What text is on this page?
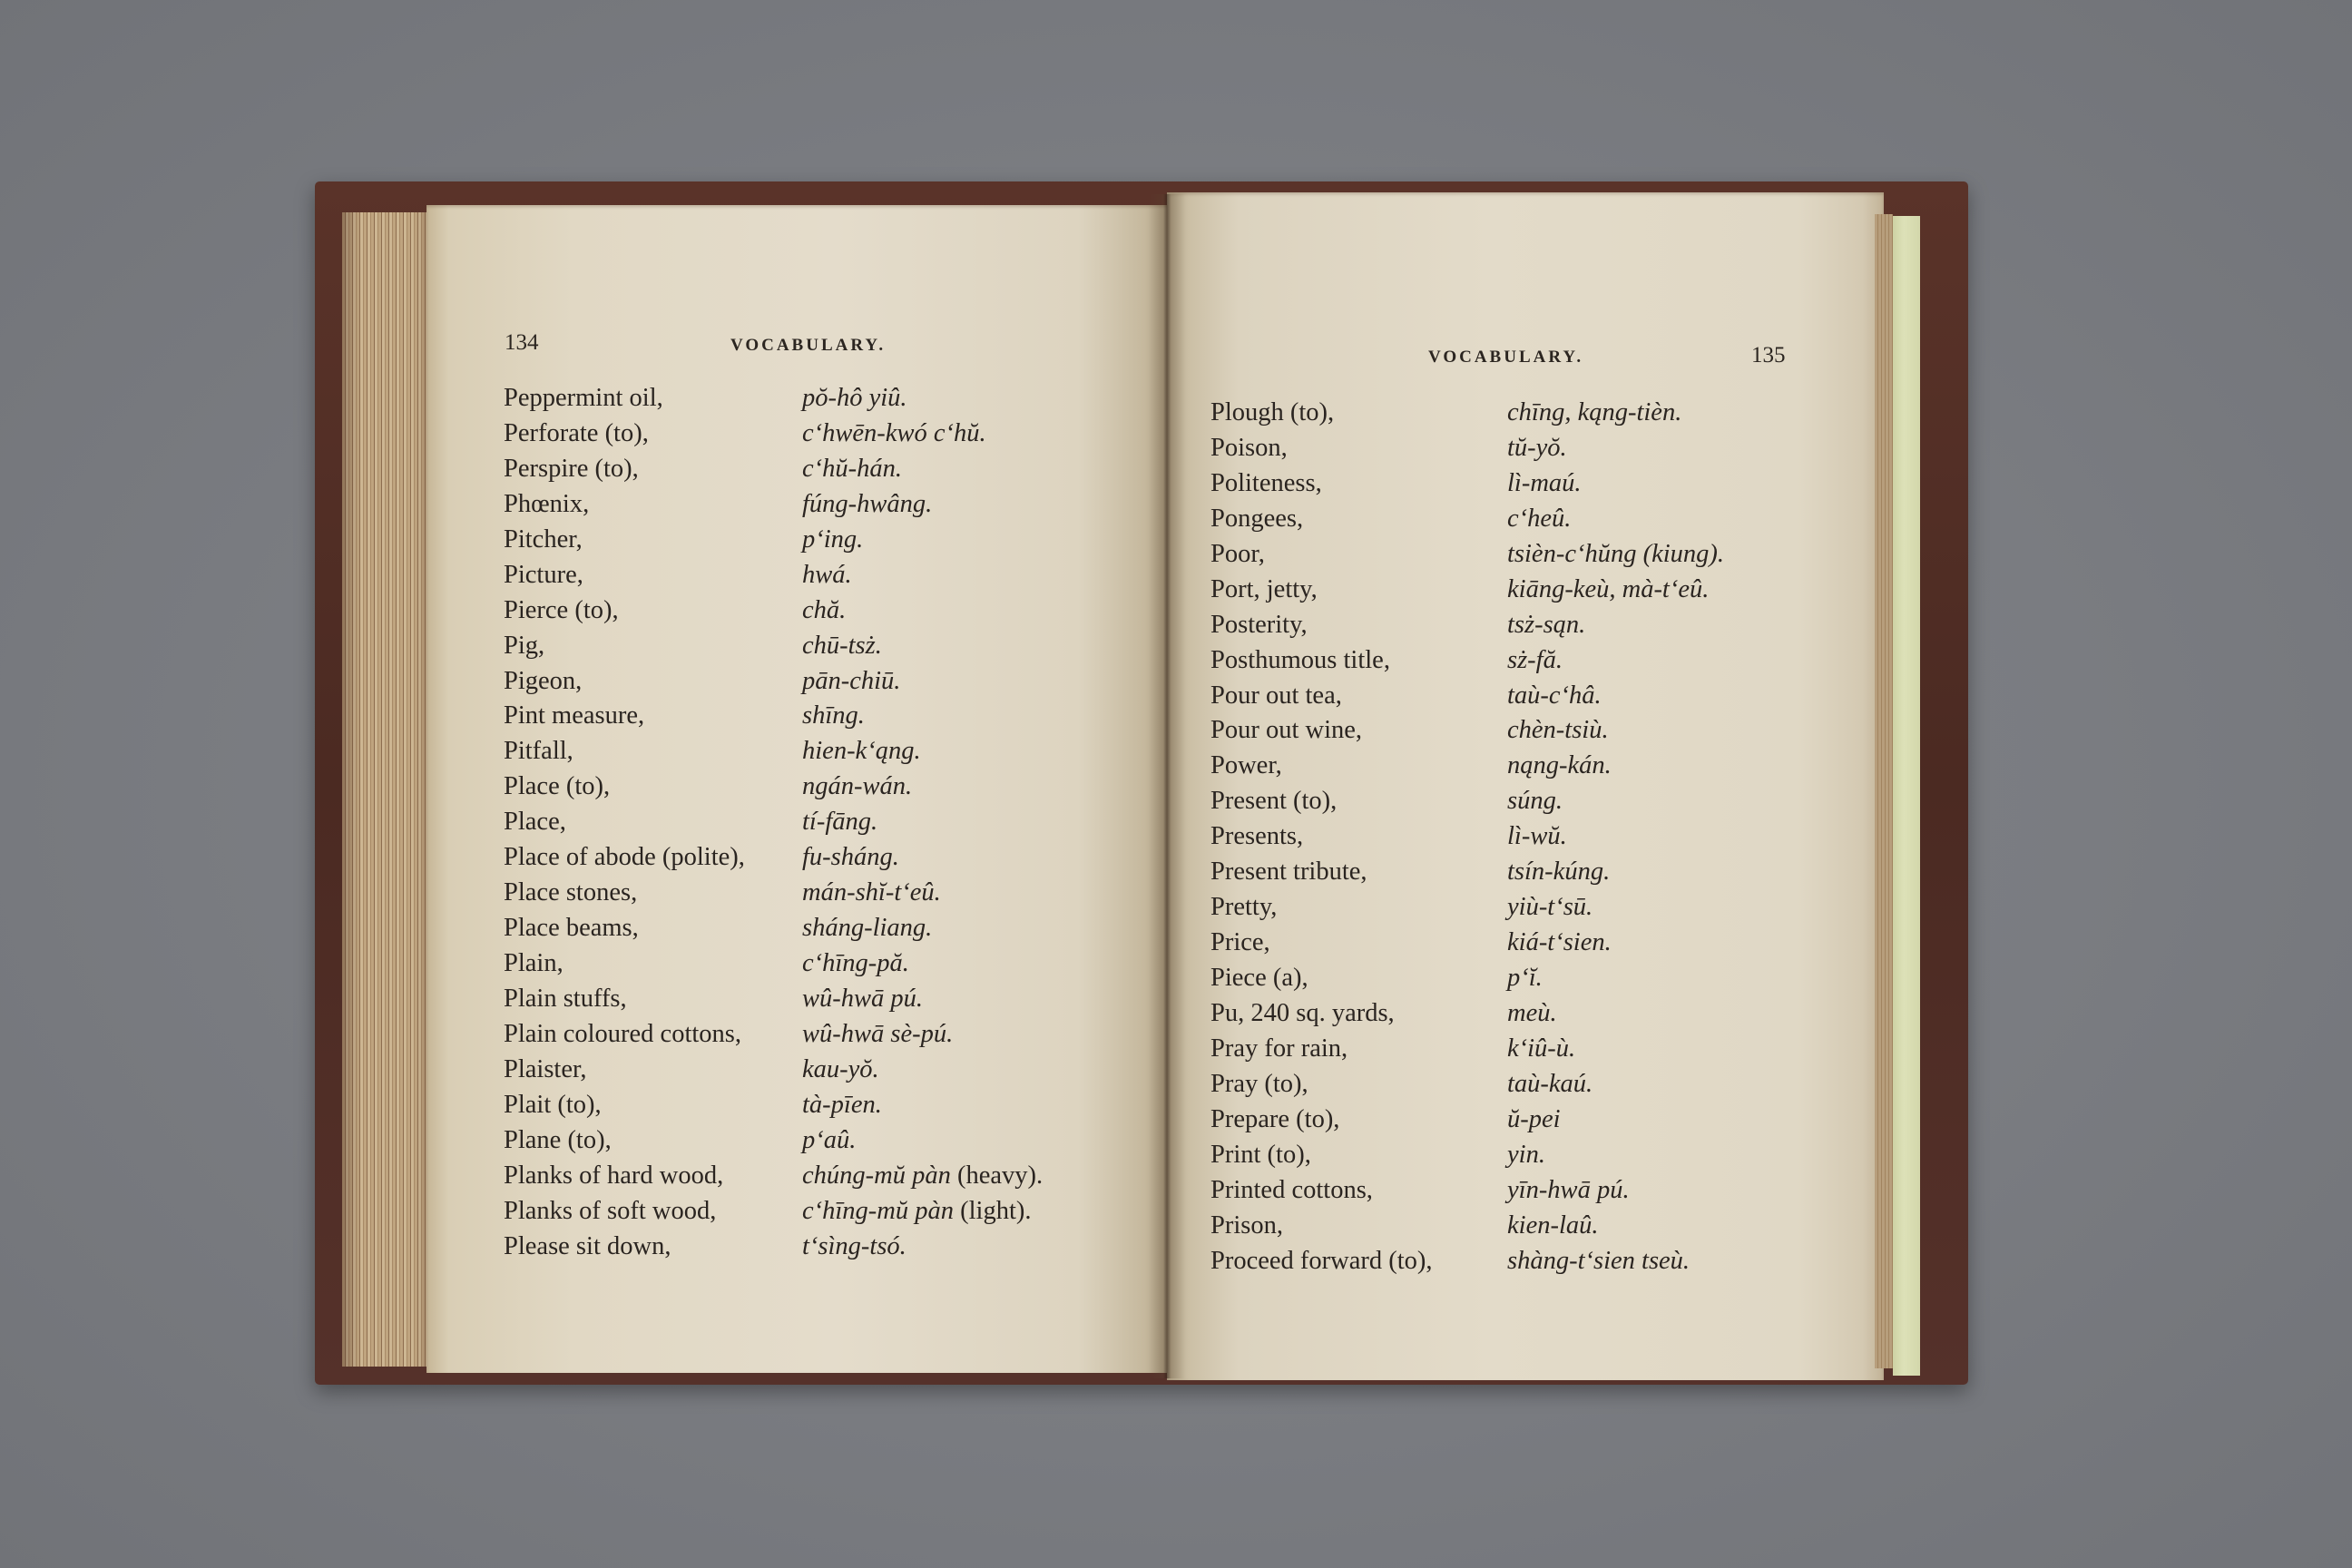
134	VOCABULARY.
VOCABULARY.	135
Peppermint oil,	pŏ-hô yiû.
Perforate (to),	c‘hwēn-kwó c‘hŭ.
Perspire (to),	c‘hŭ-hán.
Phœnix,	fúng-hwâng.
Pitcher,	p‘ing.
Picture,	hwá.
Pierce (to),	chă.
Pig,	chū-tsż.
Pigeon,	pān-chiū.
Pint measure,	shīng.
Pitfall,	hien-k‘ąng.
Place (to),	ngán-wán.
Place,	tí-fāng.
Place of abode (polite), fu-sháng.
Place stones,	mán-shĭ-t‘eû.
Place beams,	sháng-liang.
Plain,	c‘hīng-pă.
Plain stuffs,	wû-hwā pú.
Plain coloured cottons, wû-hwā sè-pú.
Plaister,	kau-yŏ.
Plait (to),	tà-pīen.
Plane (to),	p‘aû.
Planks of hard wood,	chúng-mŭ pàn (heavy).
Planks of soft wood,	c‘hīng-mŭ pàn (light).
Please sit down,	t‘sìng-tsó.
Plough (to),	chīng, kąng-tièn.
Poison,	tŭ-yŏ.
Politeness,	lì-maú.
Pongees,	c‘heû.
Poor,	tsièn-c‘hŭng (kiung).
Port, jetty,	kiāng-keù, mà-t‘eû.
Posterity,	tsż-sąn.
Posthumous title,	sż-fă.
Pour out tea,	taù-c‘hâ.
Pour out wine,	chèn-tsiù.
Power,	nąng-kán.
Present (to),	súng.
Presents,	lì-wŭ.
Present tribute,	tsín-kúng.
Pretty,	yiù-t‘sū.
Price,	kiá-t‘sien.
Piece (a),	p‘ĭ.
Pu, 240 sq. yards,	meù.
Pray for rain,	k‘iû-ù.
Pray (to),	taù-kaú.
Prepare (to),	ŭ-pei
Print (to),	yin.
Printed cottons,	yīn-hwā pú.
Prison,	kien-laû.
Proceed forward (to),	shàng-t‘sien tseù.
